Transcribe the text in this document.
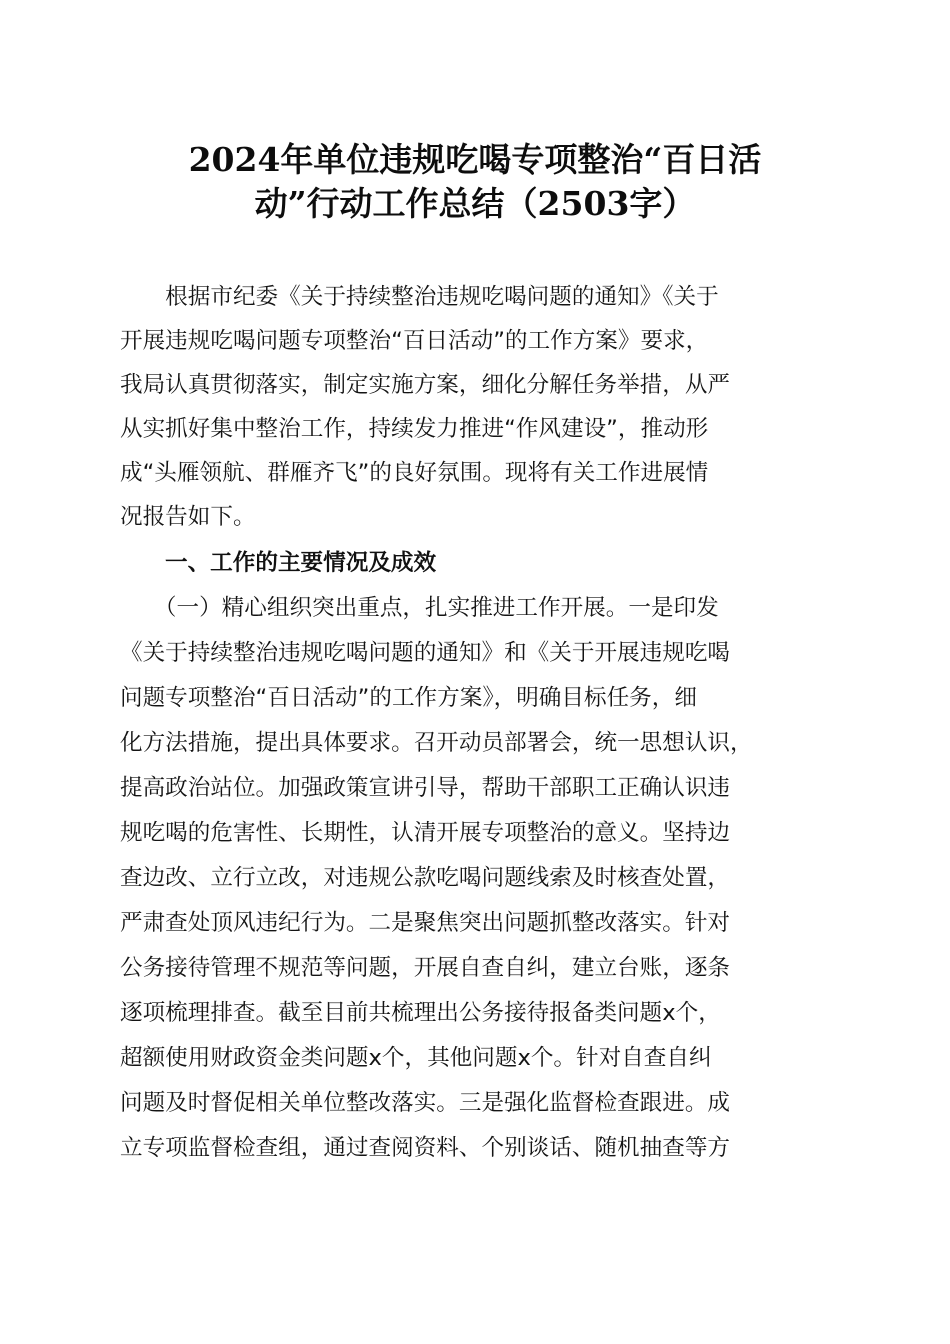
2024年单位违规吃喝专项整治“百日活
动”行动工作总结（2503字）
　　根据市纪委《关于持续整治违规吃喝问题的通知》《关于
开展违规吃喝问题专项整治“百日活动”的工作方案》要求，
我局认真贯彻落实，制定实施方案，细化分解任务举措，从严
从实抓好集中整治工作，持续发力推进“作风建设”，推动形
成“头雁领航、群雁齐飞”的良好氛围。现将有关工作进展情
况报告如下。
一、工作的主要情况及成效
　　（一）精心组织突出重点，扎实推进工作开展。一是印发
《关于持续整治违规吃喝问题的通知》和《关于开展违规吃喝
问题专项整治“百日活动”的工作方案》，明确目标任务，细
化方法措施，提出具体要求。召开动员部署会，统一思想认识，
提高政治站位。加强政策宣讲引导，帮助干部职工正确认识违
规吃喝的危害性、长期性，认清开展专项整治的意义。坚持边
查边改、立行立改，对违规公款吃喝问题线索及时核查处置，
严肃查处顶风违纪行为。二是聚焦突出问题抓整改落实。针对
公务接待管理不规范等问题，开展自查自纠，建立台账，逐条
逐项梳理排查。截至目前共梳理出公务接待报备类问题x个，
超额使用财政资金类问题x个，其他问题x个。针对自查自纠
问题及时督促相关单位整改落实。三是强化监督检查跟进。成
立专项监督检查组，通过查阅资料、个别谈话、随机抽查等方
